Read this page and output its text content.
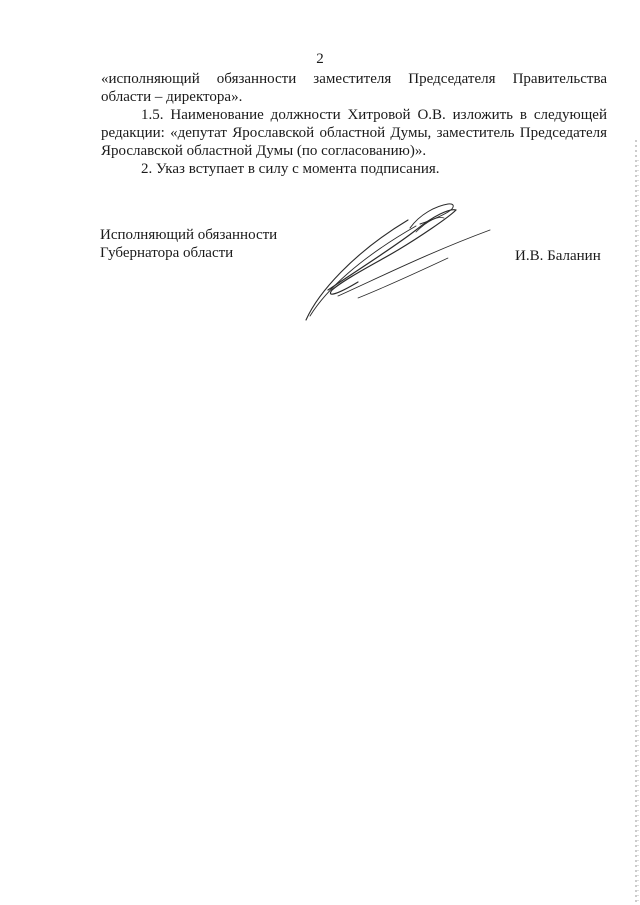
2

«исполняющий обязанности заместителя Председателя Правительства
области – директора».

1.5. Наименование должности Хитровой О.В. изложить в следующей
редакции: «депутат Ярославской областной Думы, заместитель Председателя
Ярославской областной Думы (по согласованию)».

2. Указ вступает в силу с момента подписания.

Исполняющий обязанности
Губернатора области	И.В. Баланин
